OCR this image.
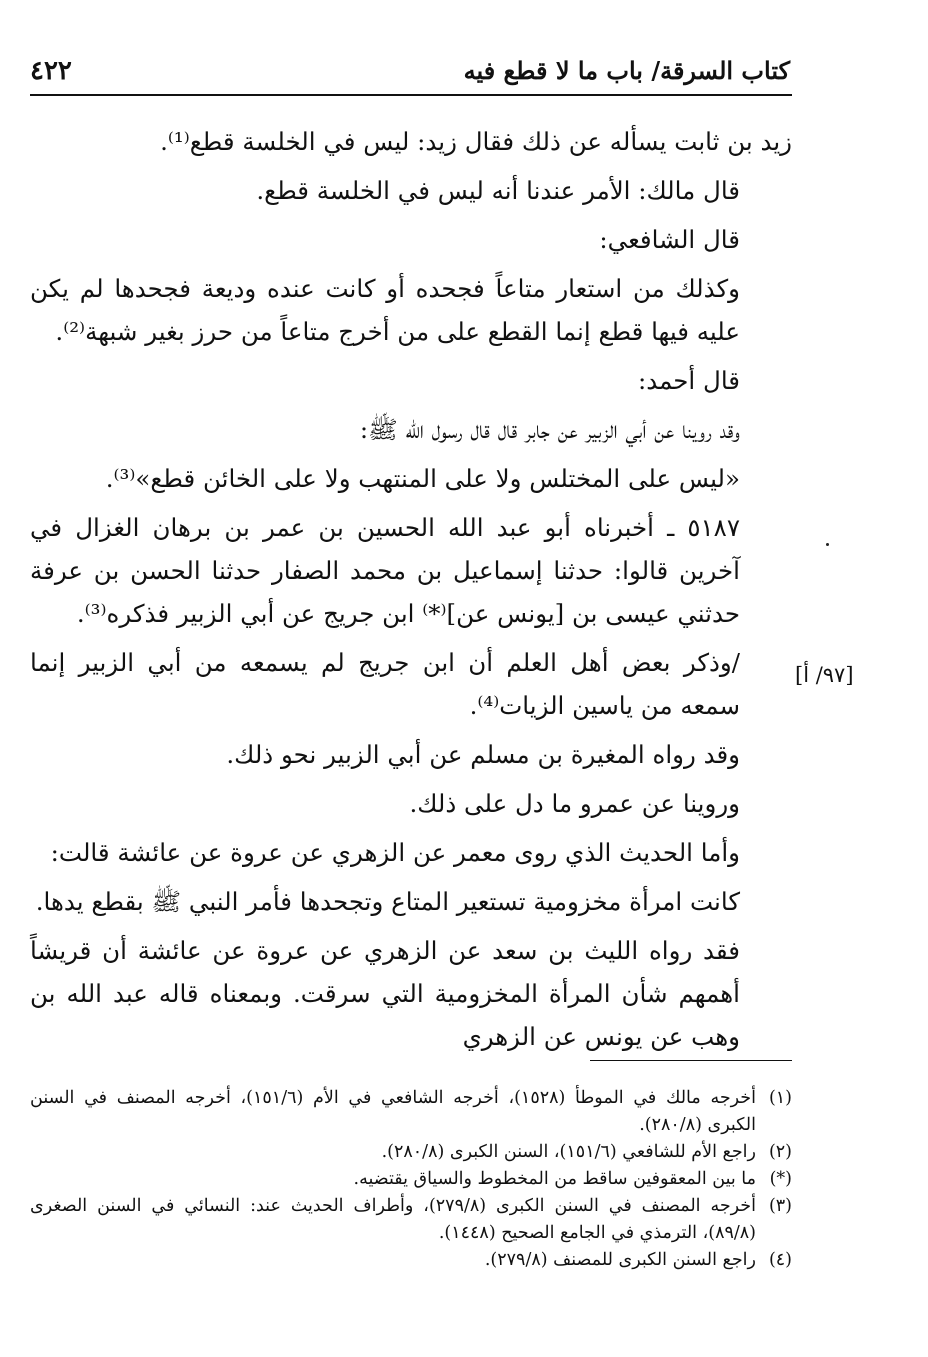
كتاب السرقة/ باب ما لا قطع فيه
٤٢٢

زيد بن ثابت يسأله عن ذلك فقال زيد: ليس في الخلسة قطع⁽¹⁾.

قال مالك: الأمر عندنا أنه ليس في الخلسة قطع.

قال الشافعي:

وكذلك من استعار متاعاً فجحده أو كانت عنده وديعة فجحدها لم يكن عليه فيها قطع إنما القطع على من أخرج متاعاً من حرز بغير شبهة⁽²⁾.

قال أحمد:

وقد روينا عن أبي الزبير عن جابر قال قال رسول الله ﷺ:

«ليس على المختلس ولا على المنتهب ولا على الخائن قطع»⁽³⁾.

٥١٨٧ ـ أخبرناه أبو عبد الله الحسين بن عمر بن برهان الغزال في آخرين قالوا: حدثنا إسماعيل بن محمد الصفار حدثنا الحسن بن عرفة حدثني عيسى بن [يونس عن]⁽*⁾ ابن جريج عن أبي الزبير فذكره⁽³⁾.

/وذكر بعض أهل العلم أن ابن جريج لم يسمعه من أبي الزبير إنما سمعه من ياسين الزيات⁽⁴⁾.

وقد رواه المغيرة بن مسلم عن أبي الزبير نحو ذلك.

وروينا عن عمرو ما دل على ذلك.

وأما الحديث الذي روى معمر عن الزهري عن عروة عن عائشة قالت:

كانت امرأة مخزومية تستعير المتاع وتجحدها فأمر النبي ﷺ بقطع يدها.

فقد رواه الليث بن سعد عن الزهري عن عروة عن عائشة أن قريشاً أهمهم شأن المرأة المخزومية التي سرقت. وبمعناه قاله عبد الله بن وهب عن يونس عن الزهري

[٩٧/ أ]
(١)
أخرجه مالك في الموطأ (١٥٢٨)، أخرجه الشافعي في الأم (١٥١/٦)، أخرجه المصنف في السنن الكبرى (٢٨٠/٨).
(٢)
راجع الأم للشافعي (١٥١/٦)، السنن الكبرى (٢٨٠/٨).
(*)
ما بين المعقوفين ساقط من المخطوط والسياق يقتضيه.
(٣)
أخرجه المصنف في السنن الكبرى (٢٧٩/٨)، وأطراف الحديث عند: النسائي في السنن الصغرى (٨٩/٨)، الترمذي في الجامع الصحيح (١٤٤٨).
(٤)
راجع السنن الكبرى للمصنف (٢٧٩/٨).
